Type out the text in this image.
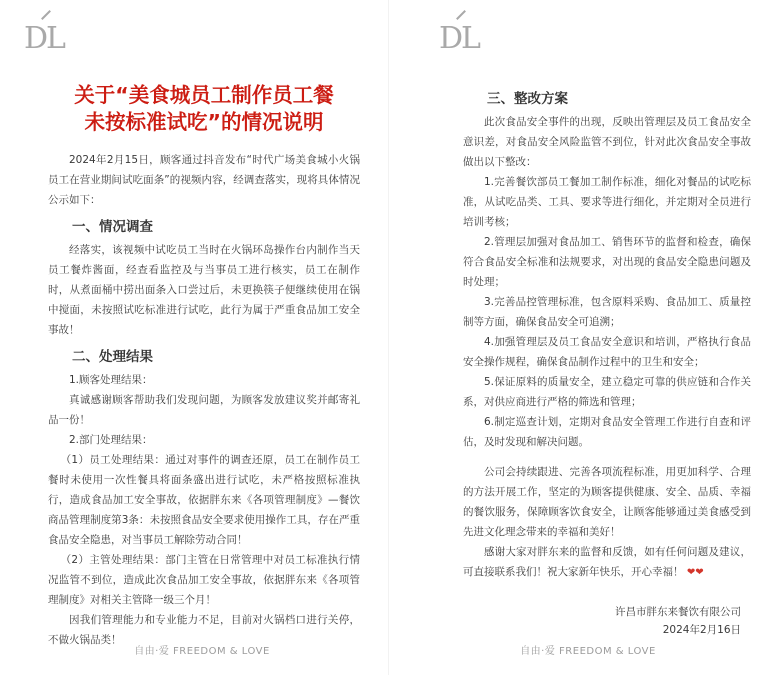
DL
关于“美食城员工制作员工餐
未按标准试吃”的情况说明

2024年2月15日，顾客通过抖音发布“时代广场美食城小火锅员工在营业期间试吃面条”的视频内容，经调查落实，现将具体情况公示如下：

一、情况调查

经落实，该视频中试吃员工当时在火锅环岛操作台内制作当天员工餐炸酱面，经查看监控及与当事员工进行核实，员工在制作时，从煮面桶中捞出面条入口尝过后，未更换筷子便继续使用在锅中搅面，未按照试吃标准进行试吃，此行为属于严重食品加工安全事故！

二、处理结果

1.顾客处理结果：

真诚感谢顾客帮助我们发现问题，为顾客发放建议奖并邮寄礼品一份！

2.部门处理结果：

（1）员工处理结果：通过对事件的调查还原，员工在制作员工餐时未使用一次性餐具将面条盛出进行试吃，未严格按照标准执行，造成食品加工安全事故，依据胖东来《各项管理制度》—餐饮商品管理制度第3条：未按照食品安全要求使用操作工具，存在严重食品安全隐患，对当事员工解除劳动合同！

（2）主管处理结果：部门主管在日常管理中对员工标准执行情况监管不到位，造成此次食品加工安全事故，依据胖东来《各项管理制度》对相关主管降一级三个月！

因我们管理能力和专业能力不足，目前对火锅档口进行关停，不做火锅品类！

自由·爱 FREEDOM & LOVE
DL
三、整改方案

此次食品安全事件的出现，反映出管理层及员工食品安全意识差，对食品安全风险监管不到位，针对此次食品安全事故做出以下整改：

1.完善餐饮部员工餐加工制作标准，细化对餐品的试吃标准，从试吃品类、工具、要求等进行细化，并定期对全员进行培训考核；

2.管理层加强对食品加工、销售环节的监督和检查，确保符合食品安全标准和法规要求，对出现的食品安全隐患问题及时处理；

3.完善品控管理标准，包含原料采购、食品加工、质量控制等方面，确保食品安全可追溯；

4.加强管理层及员工食品安全意识和培训，严格执行食品安全操作规程，确保食品制作过程中的卫生和安全；

5.保证原料的质量安全，建立稳定可靠的供应链和合作关系，对供应商进行严格的筛选和管理；

6.制定巡查计划，定期对食品安全管理工作进行自查和评估，及时发现和解决问题。

公司会持续跟进、完善各项流程标准，用更加科学、合理的方法开展工作，坚定的为顾客提供健康、安全、品质、幸福的餐饮服务，保障顾客饮食安全，让顾客能够通过美食感受到先进文化理念带来的幸福和美好！

感谢大家对胖东来的监督和反馈，如有任何问题及建议，可直接联系我们！祝大家新年快乐，开心幸福！ ❤❤

许昌市胖东来餐饮有限公司
2024年2月16日
自由·爱 FREEDOM & LOVE
